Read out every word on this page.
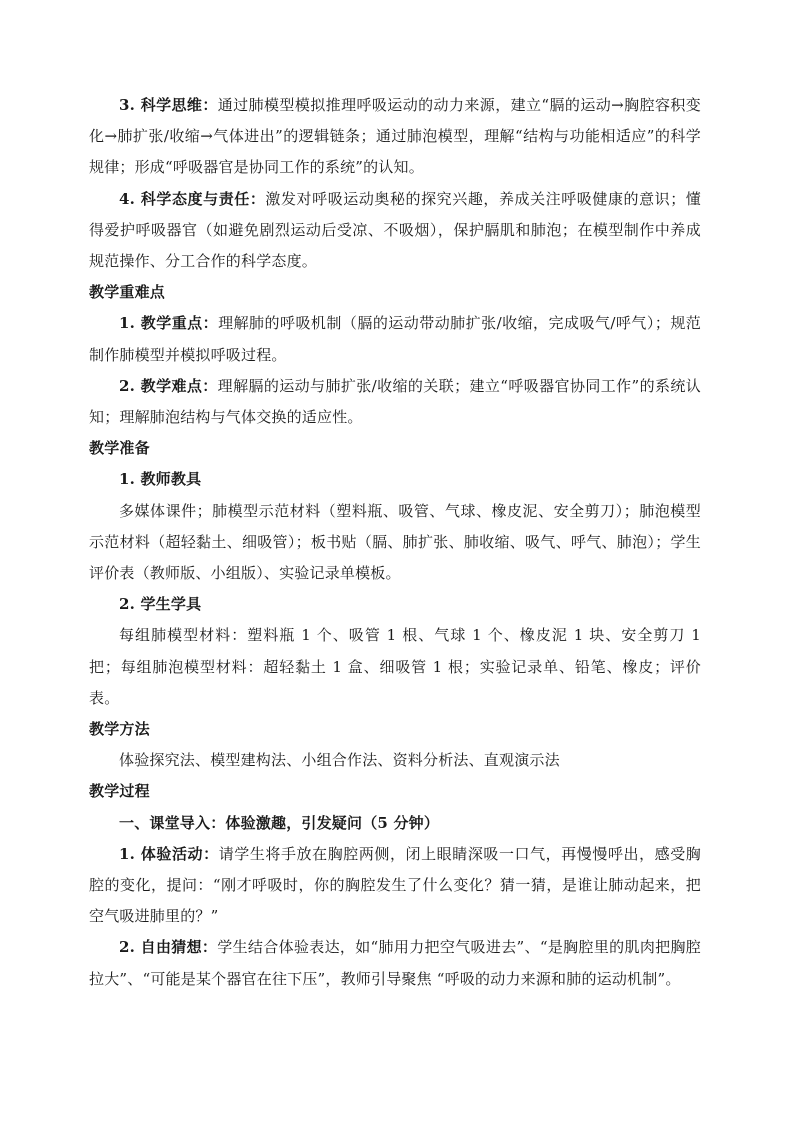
3. 科学思维：通过肺模型模拟推理呼吸运动的动力来源，建立“膈的运动→胸腔容积变化→肺扩张/收缩→气体进出”的逻辑链条；通过肺泡模型，理解“结构与功能相适应”的科学规律；形成“呼吸器官是协同工作的系统”的认知。

4. 科学态度与责任：激发对呼吸运动奥秘的探究兴趣，养成关注呼吸健康的意识；懂得爱护呼吸器官（如避免剧烈运动后受凉、不吸烟），保护膈肌和肺泡；在模型制作中养成规范操作、分工合作的科学态度。

教学重难点

1. 教学重点：理解肺的呼吸机制（膈的运动带动肺扩张/收缩，完成吸气/呼气）；规范制作肺模型并模拟呼吸过程。

2. 教学难点：理解膈的运动与肺扩张/收缩的关联；建立“呼吸器官协同工作”的系统认知；理解肺泡结构与气体交换的适应性。

教学准备

1. 教师教具

多媒体课件；肺模型示范材料（塑料瓶、吸管、气球、橡皮泥、安全剪刀）；肺泡模型示范材料（超轻黏土、细吸管）；板书贴（膈、肺扩张、肺收缩、吸气、呼气、肺泡）；学生评价表（教师版、小组版）、实验记录单模板。

2. 学生学具

每组肺模型材料：塑料瓶 1 个、吸管 1 根、气球 1 个、橡皮泥 1 块、安全剪刀 1 把；每组肺泡模型材料：超轻黏土 1 盒、细吸管 1 根；实验记录单、铅笔、橡皮；评价表。

教学方法

体验探究法、模型建构法、小组合作法、资料分析法、直观演示法

教学过程

一、课堂导入：体验激趣，引发疑问（5 分钟）

1. 体验活动：请学生将手放在胸腔两侧，闭上眼睛深吸一口气，再慢慢呼出，感受胸腔的变化，提问：“刚才呼吸时，你的胸腔发生了什么变化？猜一猜，是谁让肺动起来，把空气吸进肺里的？”

2. 自由猜想：学生结合体验表达，如“肺用力把空气吸进去”、“是胸腔里的肌肉把胸腔拉大”、“可能是某个器官在往下压”，教师引导聚焦 “呼吸的动力来源和肺的运动机制”。
